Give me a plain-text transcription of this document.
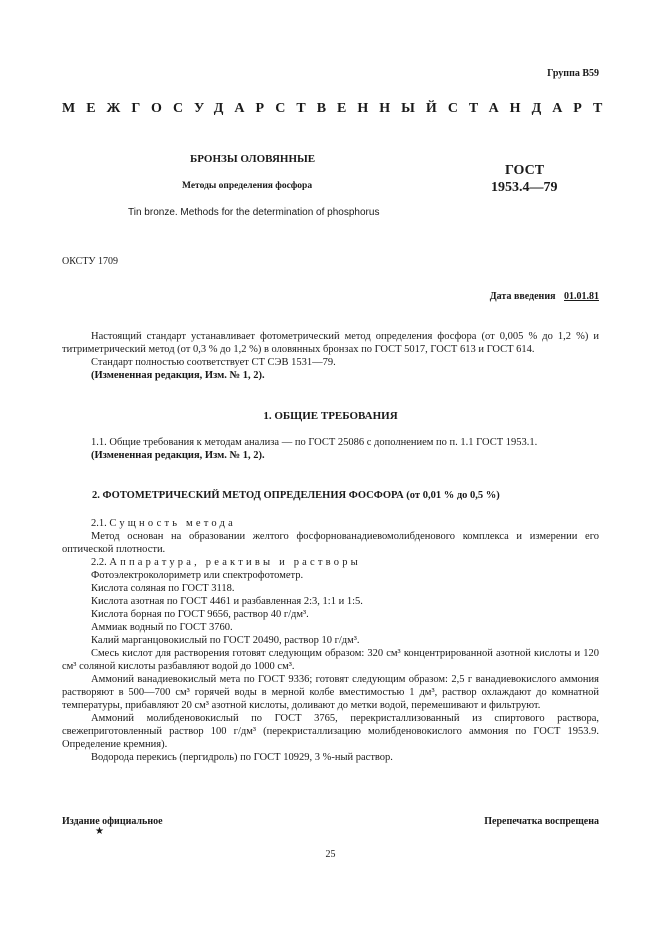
Группа В59
МЕЖГОСУДАРСТВЕННЫЙ СТАНДАРТ
БРОНЗЫ ОЛОВЯННЫЕ
Методы определения фосфора
ГОСТ
1953.4—79
Tin bronze. Methods for the determination of phosphorus
ОКСТУ 1709
Дата введения 01.01.81

Настоящий стандарт устанавливает фотометрический метод определения фосфора (от 0,005 % до 1,2 %) и титриметрический метод (от 0,3 % до 1,2 %) в оловянных бронзах по ГОСТ 5017, ГОСТ 613 и ГОСТ 614.

Стандарт полностью соответствует СТ СЭВ 1531—79.

(Измененная редакция, Изм. № 1, 2).

1. ОБЩИЕ ТРЕБОВАНИЯ

1.1. Общие требования к методам анализа — по ГОСТ 25086 с дополнением по п. 1.1 ГОСТ 1953.1.

(Измененная редакция, Изм. № 1, 2).

2. ФОТОМЕТРИЧЕСКИЙ МЕТОД ОПРЕДЕЛЕНИЯ ФОСФОРА (от 0,01 % до 0,5 %)

2.1. Сущность метода

Метод основан на образовании желтого фосфорнованадиевомолибденового комплекса и измерении его оптической плотности.

2.2. Аппаратура, реактивы и растворы

Фотоэлектроколориметр или спектрофотометр.

Кислота соляная по ГОСТ 3118.

Кислота азотная по ГОСТ 4461 и разбавленная 2:3, 1:1 и 1:5.

Кислота борная по ГОСТ 9656, раствор 40 г/дм³.

Аммиак водный по ГОСТ 3760.

Калий марганцовокислый по ГОСТ 20490, раствор 10 г/дм³.

Смесь кислот для растворения готовят следующим образом: 320 см³ концентрированной азотной кислоты и 120 см³ соляной кислоты разбавляют водой до 1000 см³.

Аммоний ванадиевокислый мета по ГОСТ 9336; готовят следующим образом: 2,5 г ванадиевокислого аммония растворяют в 500—700 см³ горячей воды в мерной колбе вместимостью 1 дм³, раствор охлаждают до комнатной температуры, прибавляют 20 см³ азотной кислоты, доливают до метки водой, перемешивают и фильтруют.

Аммоний молибденовокислый по ГОСТ 3765, перекристаллизованный из спиртового раствора, свежеприготовленный раствор 100 г/дм³ (перекристаллизацию молибденовокислого аммония по ГОСТ 1953.9. Определение кремния).

Водорода перекись (пергидроль) по ГОСТ 10929, 3 %-ный раствор.

Издание официальное
★
Перепечатка воспрещена
25
